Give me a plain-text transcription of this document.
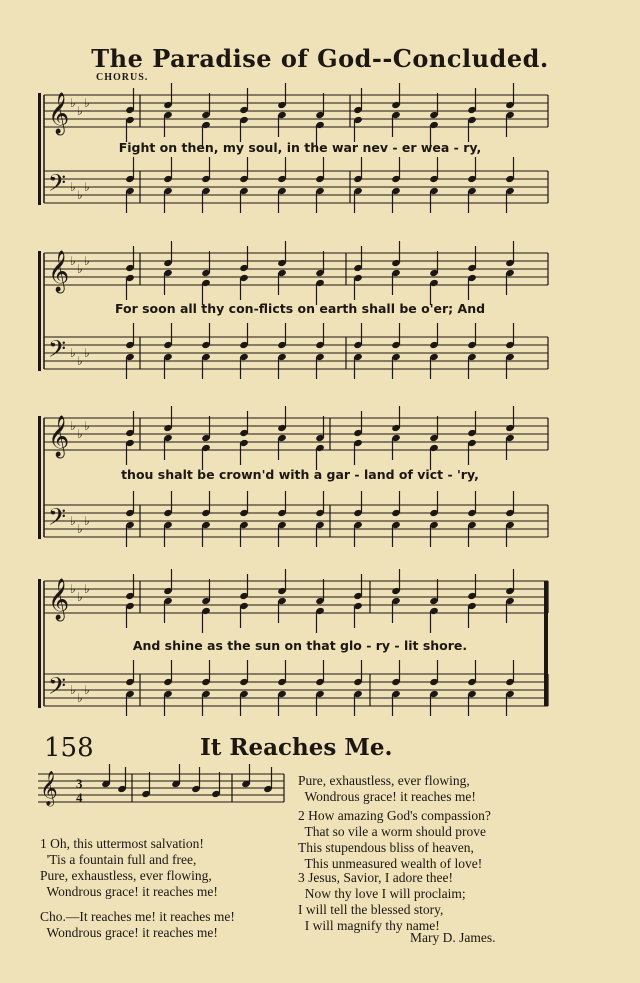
The Paradise of God--Concluded.
CHORUS.
𝄞
𝄢
♭
♭
♭
♭
♭
♭
𝄞
𝄢
♭
♭
♭
♭
♭
♭
𝄞
𝄢
♭
♭
♭
♭
♭
♭
𝄞
𝄢
♭
♭
♭
♭
♭
♭
Fight on then, my soul, in the war nev - er wea - ry,
For soon all thy con-flicts on earth shall be o'er; And
thou shalt be crown'd with a gar - land of vict - 'ry,
And shine as the sun on that glo - ry - lit shore.
158	It Reaches Me.
𝄞 3
4
1 Oh, this uttermost salvation!
'Tis a fountain full and free,
Pure, exhaustless, ever flowing,
Wondrous grace! it reaches me!
Cho.—It reaches me! it reaches me!
Wondrous grace! it reaches me!
Pure, exhaustless, ever flowing,
Wondrous grace! it reaches me!
2 How amazing God's compassion?
That so vile a worm should prove
This stupendous bliss of heaven,
This unmeasured wealth of love!
3 Jesus, Savior, I adore thee!
Now thy love I will proclaim;
I will tell the blessed story,
I will magnify thy name!
Mary D. James.
